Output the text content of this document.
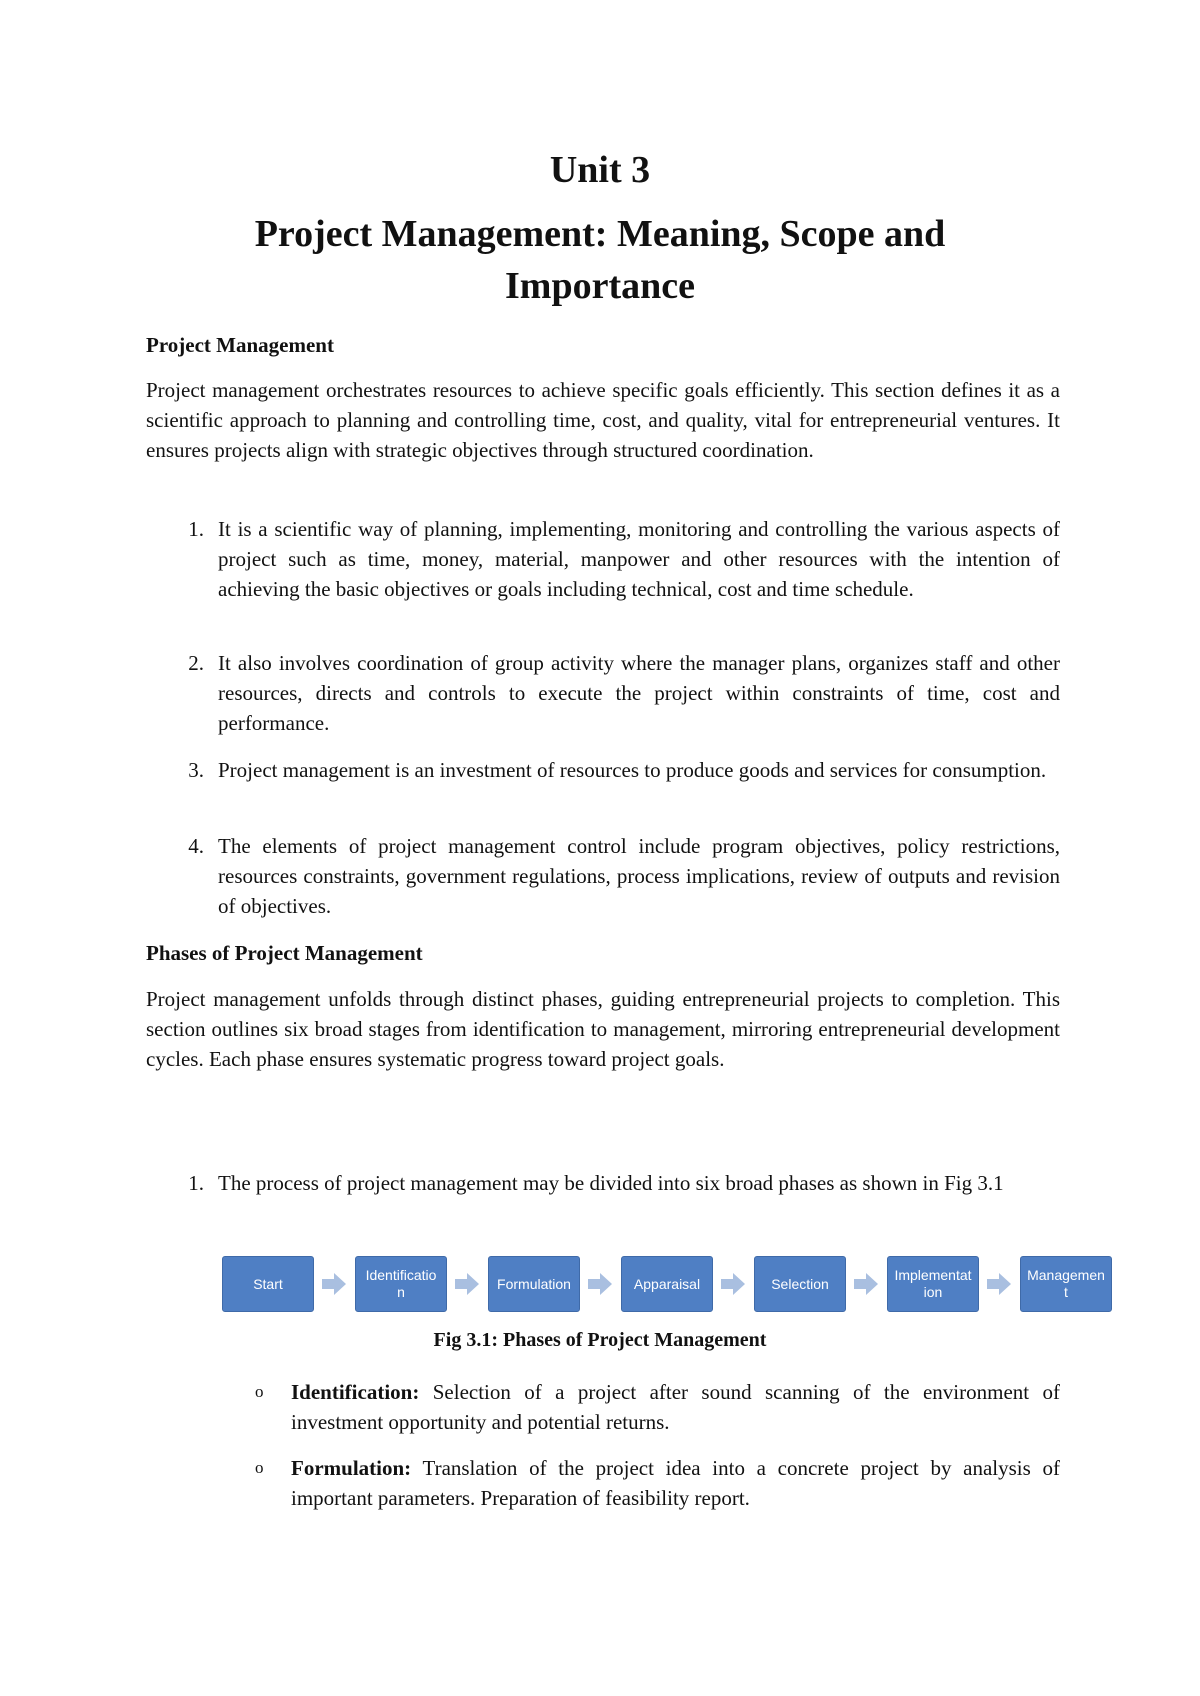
Unit 3
Project Management: Meaning, Scope and
Importance
Project Management

Project management orchestrates resources to achieve specific goals efficiently. This section defines it as a scientific approach to planning and controlling time, cost, and quality, vital for entrepreneurial ventures. It ensures projects align with strategic objectives through structured coordination.

1. It is a scientific way of planning, implementing, monitoring and controlling the various aspects of project such as time, money, material, manpower and other resources with the intention of achieving the basic objectives or goals including technical, cost and time schedule.
2. It also involves coordination of group activity where the manager plans, organizes staff and other resources, directs and controls to execute the project within constraints of time, cost and performance.
3. Project management is an investment of resources to produce goods and services for consumption.
4. The elements of project management control include program objectives, policy restrictions, resources constraints, government regulations, process implications, review of outputs and revision of objectives.
Phases of Project Management

Project management unfolds through distinct phases, guiding entrepreneurial projects to completion. This section outlines six broad stages from identification to management, mirroring entrepreneurial development cycles. Each phase ensures systematic progress toward project goals.

1. The process of project management may be divided into six broad phases as shown in Fig 3.1
Start
Identificatio n
Formulation	Apparaisal	Selection
Implementat ion
Managemen t
Fig 3.1: Phases of Project Management
o Identification: Selection of a project after sound scanning of the environment of investment opportunity and potential returns.
o Formulation: Translation of the project idea into a concrete project by analysis of important parameters. Preparation of feasibility report.
